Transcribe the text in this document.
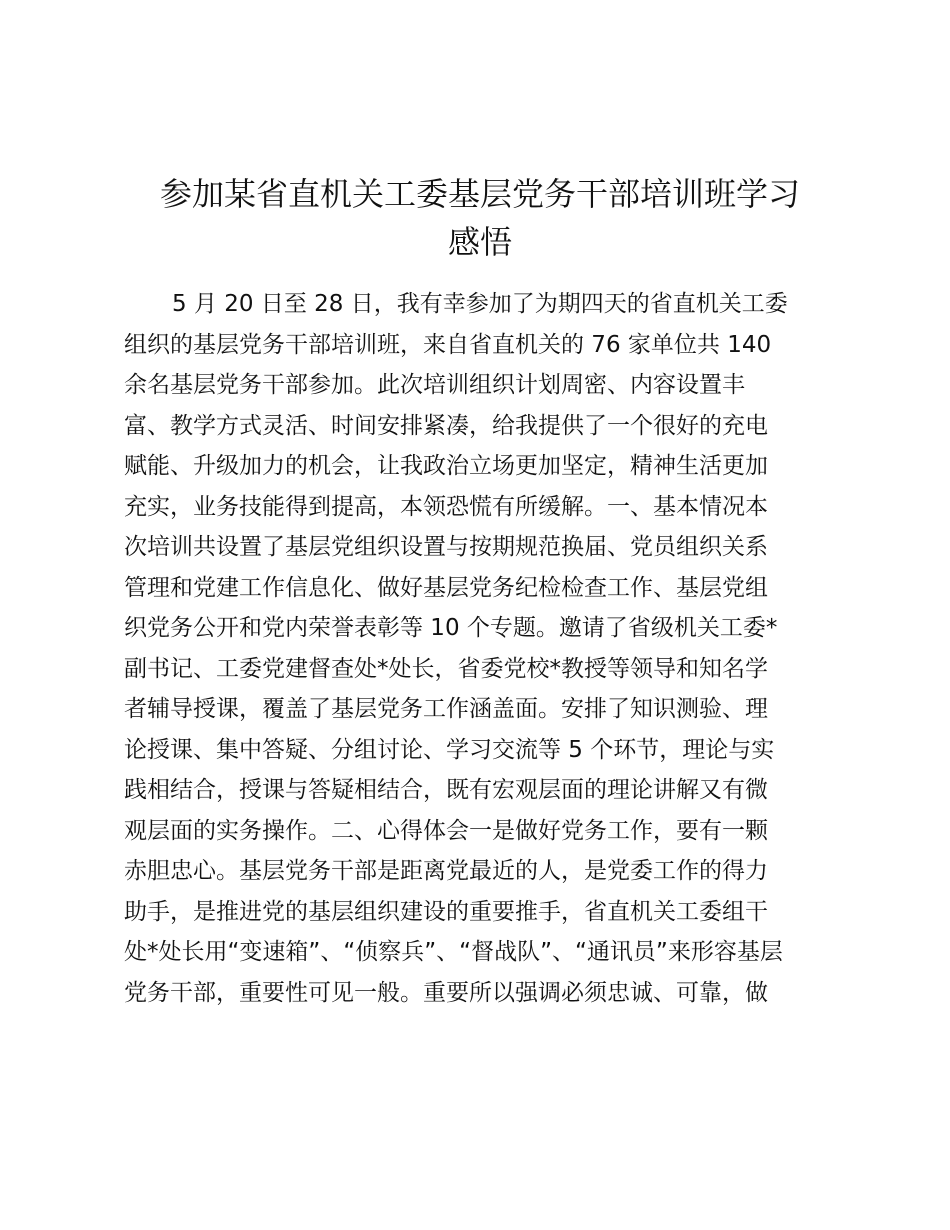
参加某省直机关工委基层党务干部培训班学习
感悟
5 月 20 日至 28 日，我有幸参加了为期四天的省直机关工委
组织的基层党务干部培训班，来自省直机关的 76 家单位共 140
余名基层党务干部参加。此次培训组织计划周密、内容设置丰
富、教学方式灵活、时间安排紧凑，给我提供了一个很好的充电
赋能、升级加力的机会，让我政治立场更加坚定，精神生活更加
充实，业务技能得到提高，本领恐慌有所缓解。一、基本情况本
次培训共设置了基层党组织设置与按期规范换届、党员组织关系
管理和党建工作信息化、做好基层党务纪检检查工作、基层党组
织党务公开和党内荣誉表彰等 10 个专题。邀请了省级机关工委*
副书记、工委党建督查处*处长，省委党校*教授等领导和知名学
者辅导授课，覆盖了基层党务工作涵盖面。安排了知识测验、理
论授课、集中答疑、分组讨论、学习交流等 5 个环节，理论与实
践相结合，授课与答疑相结合，既有宏观层面的理论讲解又有微
观层面的实务操作。二、心得体会一是做好党务工作，要有一颗
赤胆忠心。基层党务干部是距离党最近的人，是党委工作的得力
助手，是推进党的基层组织建设的重要推手，省直机关工委组干
处*处长用“变速箱”、“侦察兵”、“督战队”、“通讯员”来形容基层
党务干部，重要性可见一般。重要所以强调必须忠诚、可靠，做
